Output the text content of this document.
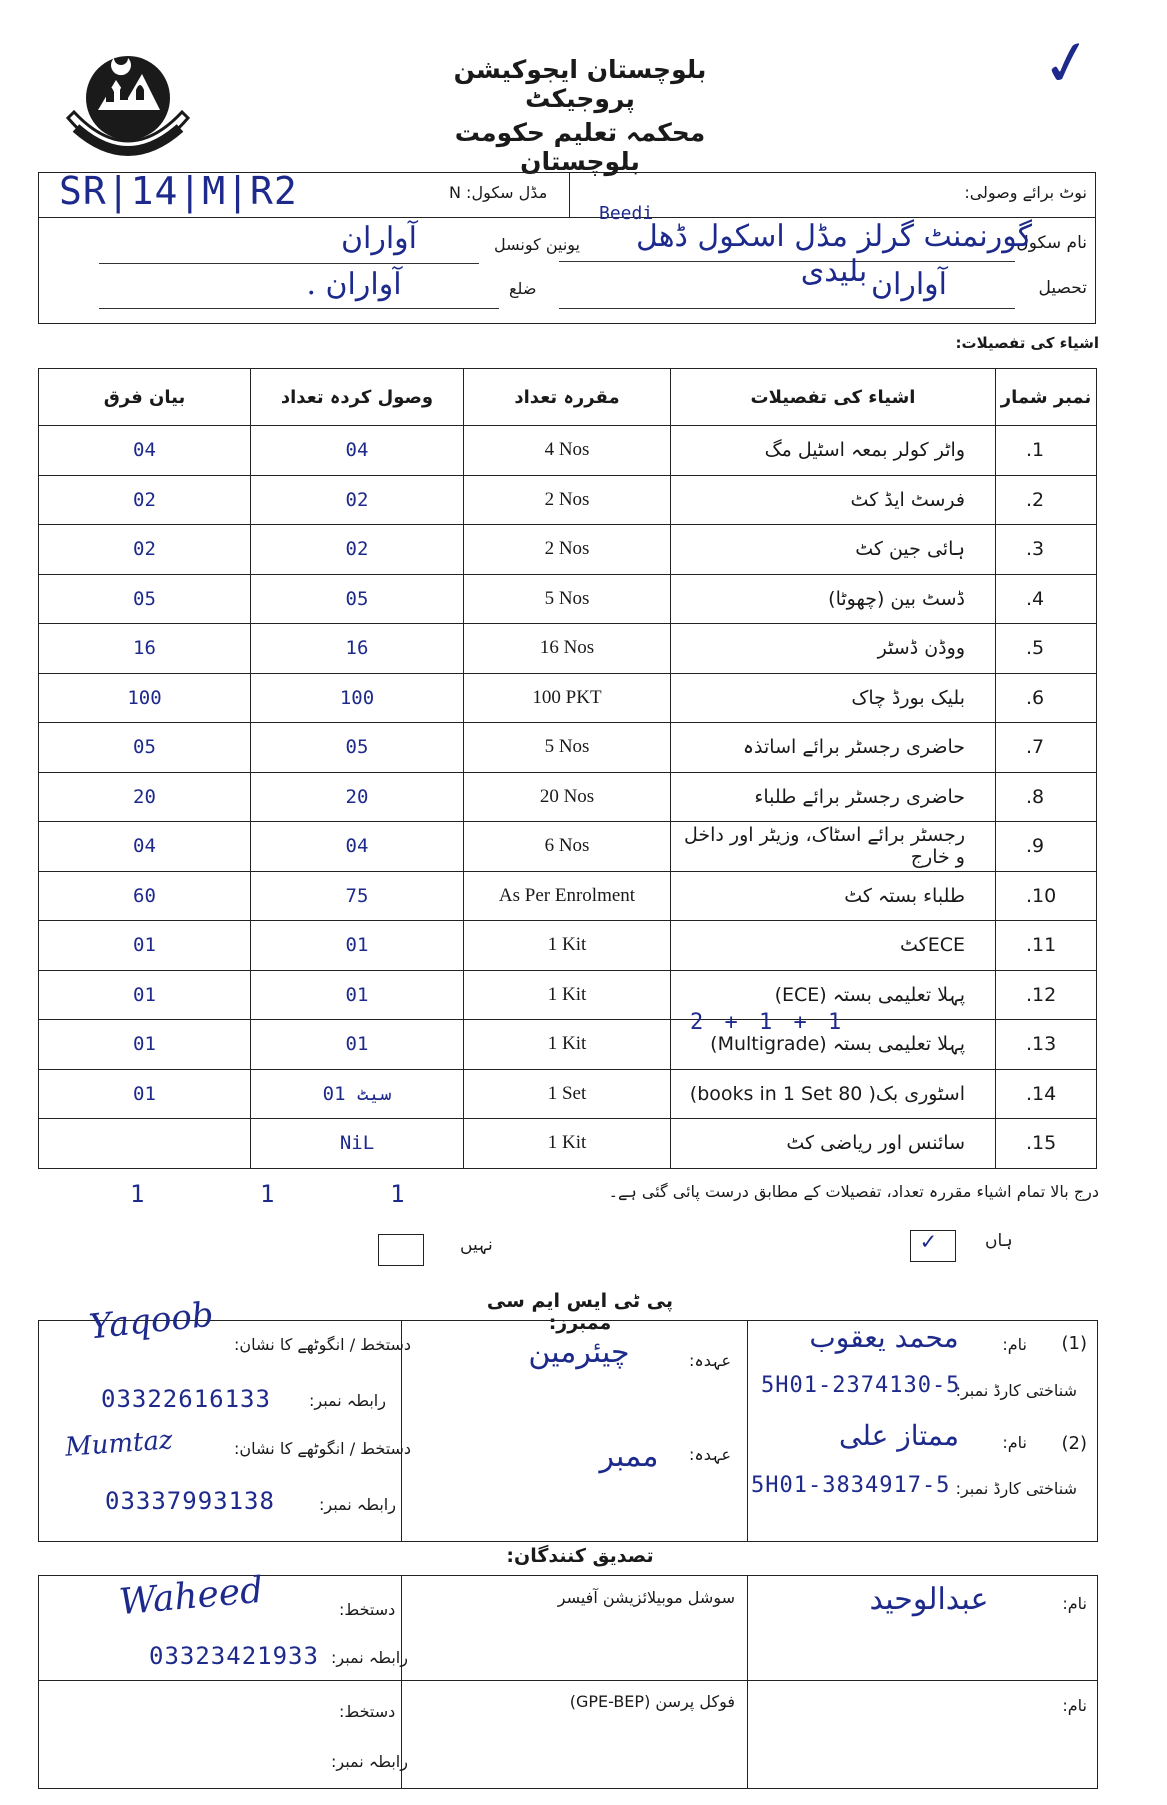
بلوچستان ایجوکیشن پروجیکٹ
محکمہ تعلیم حکومت بلوچستان
✓
نوٹ برائے وصولی:
مڈل سکول: N
SR|14|M|R2
نام سکول
گورنمنٹ گرلز مڈل اسکول ڈھل بلیدی
Beedi
یونین کونسل
آواران
تحصیل
آواران
ضلع
آواران .
اشیاء کی تفصیلات:
بیان فرق	وصول کردہ تعداد	مقررہ تعداد	اشیاء کی تفصیلات	نمبر شمار
04	04	4 Nos	واٹر کولر بمعہ اسٹیل مگ	.1
02	02	2 Nos	فرسٹ ایڈ کٹ	.2
02	02	2 Nos	ہائی جین کٹ	.3
05	05	5 Nos	ڈسٹ بین (چھوٹا)	.4
16	16	16 Nos	ووڈن ڈسٹر	.5
100	100	100 PKT	بلیک بورڈ چاک	.6
05	05	5 Nos	حاضری رجسٹر برائے اساتذہ	.7
20	20	20 Nos	حاضری رجسٹر برائے طلباء	.8
04	04	6 Nos	رجسٹر برائے اسٹاک، وزیٹر اور داخل و خارج	.9
60	75	As Per Enrolment	طلباء بستہ کٹ	.10
01	01	1 Kit	ECEکٹ	.11
01	01	1 Kit	پہلا تعلیمی بستہ (ECE)	.12
01	01	1 Kit	پہلا تعلیمی بستہ (Multigrade)	.13
01	01 سیٹ	1 Set	اسٹوری بک( 80 books in 1 Set)	.14
	NiL	1 Kit	سائنس اور ریاضی کٹ	.15
2 + 1 + 1
درج بالا تمام اشیاء مقررہ تعداد، تفصیلات کے مطابق درست پائی گئی ہے۔
1        1        1
ہاں
✓
نہیں
پی ٹی ایس ایم سی ممبرز:
(1)
نام:
محمد یعقوب
شناختی کارڈ نمبر:
5H01-2374130-5
عہدہ:
چیئرمین
دستخط / انگوٹھے کا نشان:
Yaqoob
رابطہ نمبر:
03322616133
(2)
نام:
ممتاز علی
شناختی کارڈ نمبر:
5H01-3834917-5
عہدہ:
ممبر
دستخط / انگوٹھے کا نشان:
Mumtaz
رابطہ نمبر:
03337993138
تصدیق کنندگان:
نام:
عبدالوحید
سوشل موبیلائزیشن آفیسر
دستخط:
Waheed
رابطہ نمبر:
03323421933
نام:
فوکل پرسن (GPE-BEP)
دستخط:
رابطہ نمبر:
